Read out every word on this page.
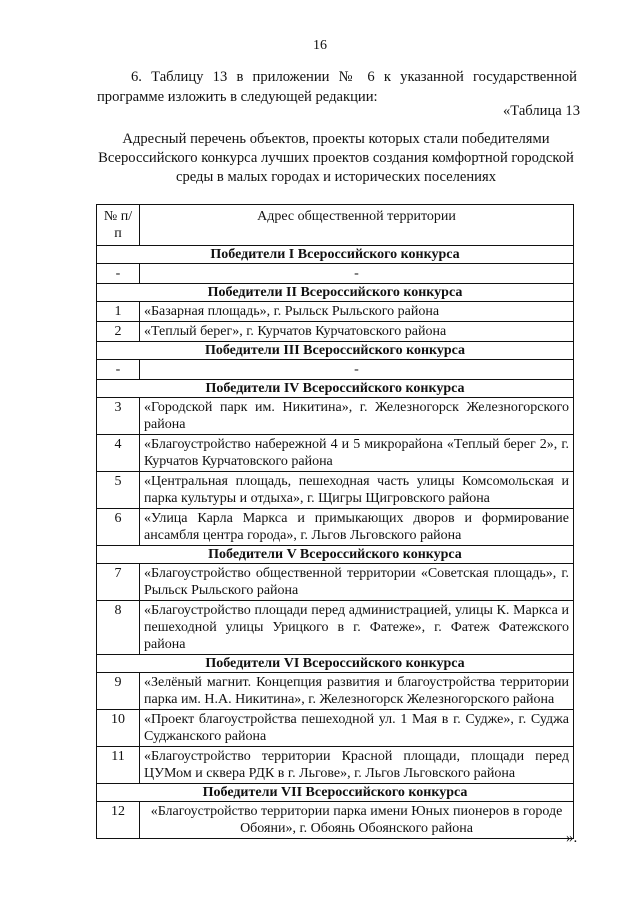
16

6. Таблицу 13 в приложении № 6 к указанной государственной программе изложить в следующей редакции:

«Таблица 13
Адресный перечень объектов, проекты которых стали победителями Всероссийского конкурса лучших проектов создания комфортной городской среды в малых городах и исторических поселениях
№ п/п	Адрес общественной территории
Победители I Всероссийского конкурса	
-	-
Победители II Всероссийского конкурса	
1	«Базарная площадь», г. Рыльск Рыльского района
2	«Теплый берег», г. Курчатов Курчатовского района
Победители III Всероссийского конкурса	
-	-
Победители IV Всероссийского конкурса	
3	«Городской парк им. Никитина», г. Железногорск Железногорского района
4	«Благоустройство набережной 4 и 5 микрорайона «Теплый берег 2», г. Курчатов Курчатовского района
5	«Центральная площадь, пешеходная часть улицы Комсомольская и парка культуры и отдыха», г. Щигры Щигровского района
6	«Улица Карла Маркса и примыкающих дворов и формирование ансамбля центра города», г. Льгов Льговского района
Победители V Всероссийского конкурса	
7	«Благоустройство общественной территории «Советская площадь», г. Рыльск Рыльского района
8	«Благоустройство площади перед администрацией, улицы К. Маркса и пешеходной улицы Урицкого в г. Фатеже», г. Фатеж Фатежского района
Победители VI Всероссийского конкурса	
9	«Зелёный магнит. Концепция развития и благоустройства территории парка им. Н.А. Никитина», г. Железногорск Железногорского района
10	«Проект благоустройства пешеходной ул. 1 Мая в г. Судже», г. Суджа Суджанского района
11	«Благоустройство территории Красной площади, площади перед ЦУМом и сквера РДК в г. Льгове», г. Льгов Льговского района
Победители VII Всероссийского конкурса	
12	«Благоустройство территории парка имени Юных пионеров в городе Обояни», г. Обоянь Обоянского района
».
